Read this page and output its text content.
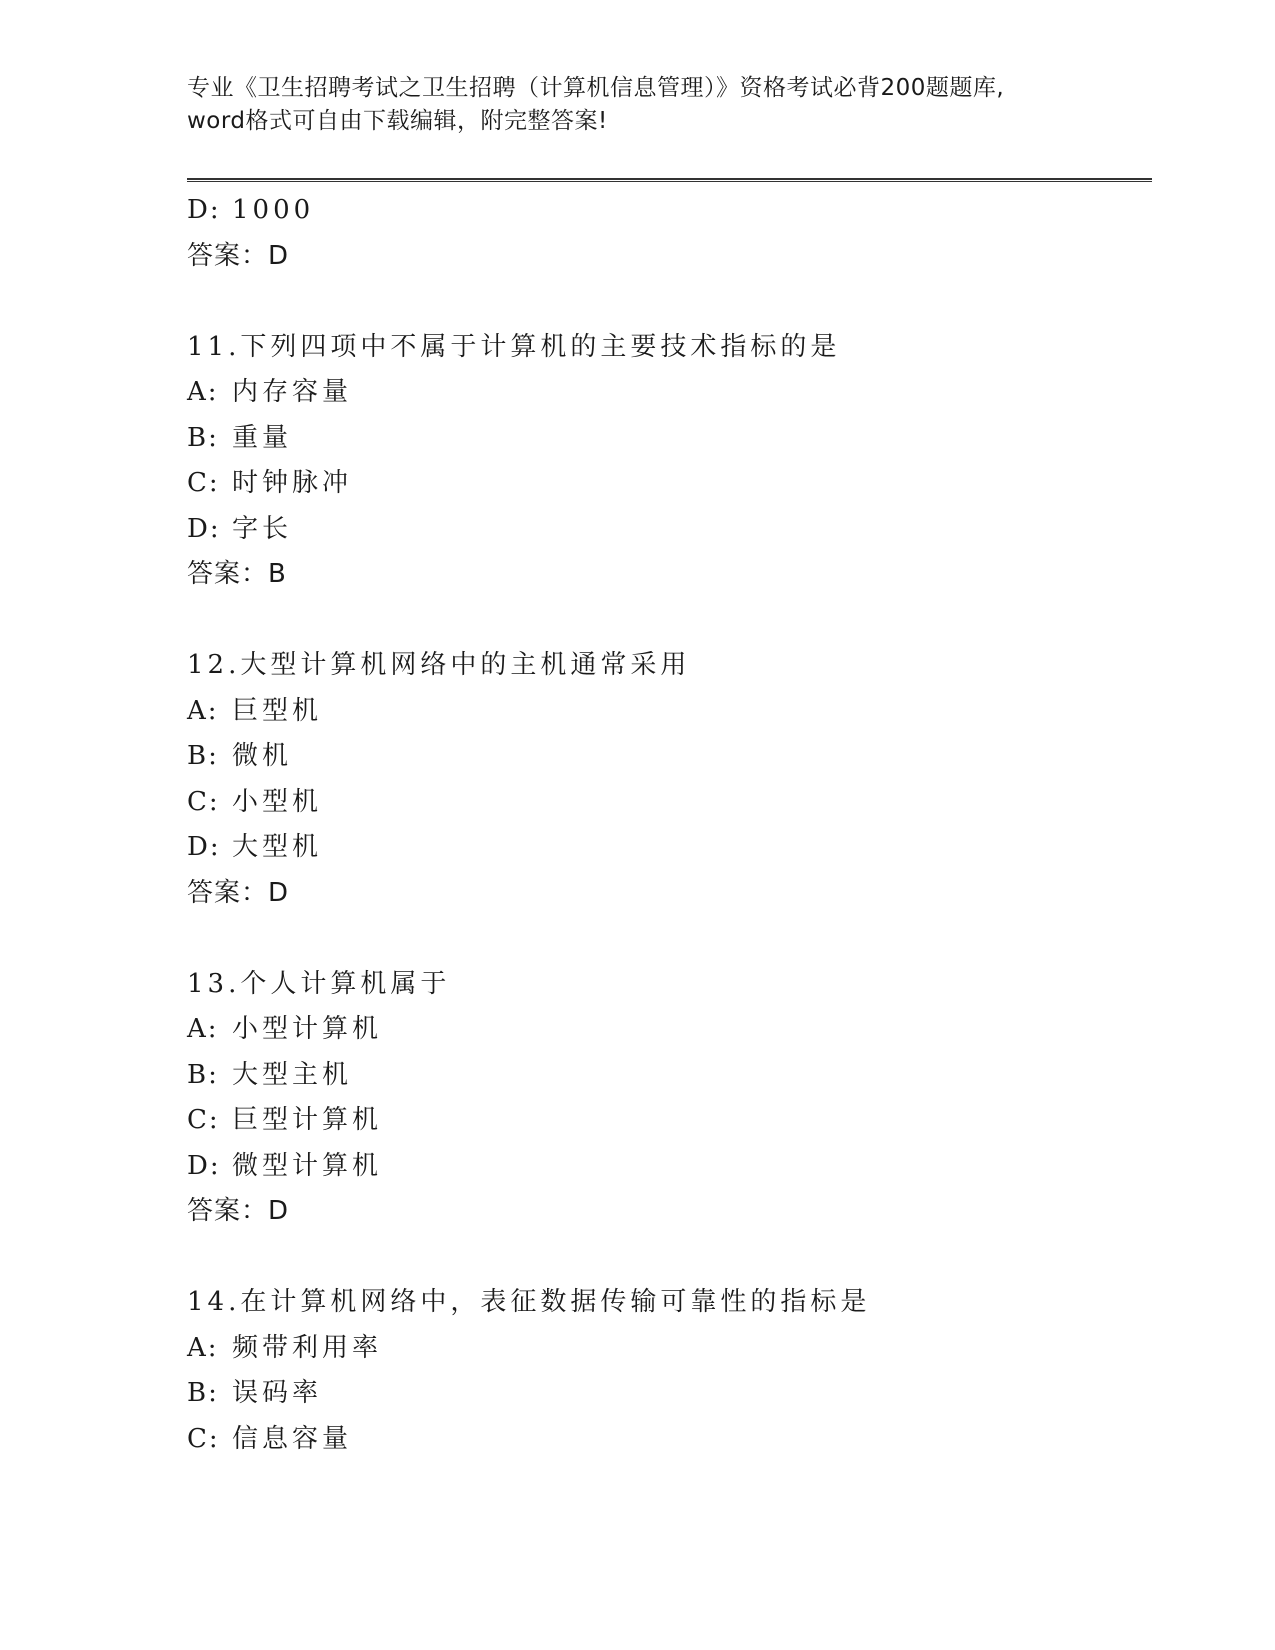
专业《卫生招聘考试之卫生招聘（计算机信息管理）》资格考试必背200题题库,
word格式可自由下载编辑，附完整答案!
D: 1000
答案：D
11.下列四项中不属于计算机的主要技术指标的是
A: 内存容量
B: 重量
C: 时钟脉冲
D: 字长
答案：B
12.大型计算机网络中的主机通常采用
A: 巨型机
B: 微机
C: 小型机
D: 大型机
答案：D
13.个人计算机属于
A: 小型计算机
B: 大型主机
C: 巨型计算机
D: 微型计算机
答案：D
14.在计算机网络中，表征数据传输可靠性的指标是
A: 频带利用率
B: 误码率
C: 信息容量
